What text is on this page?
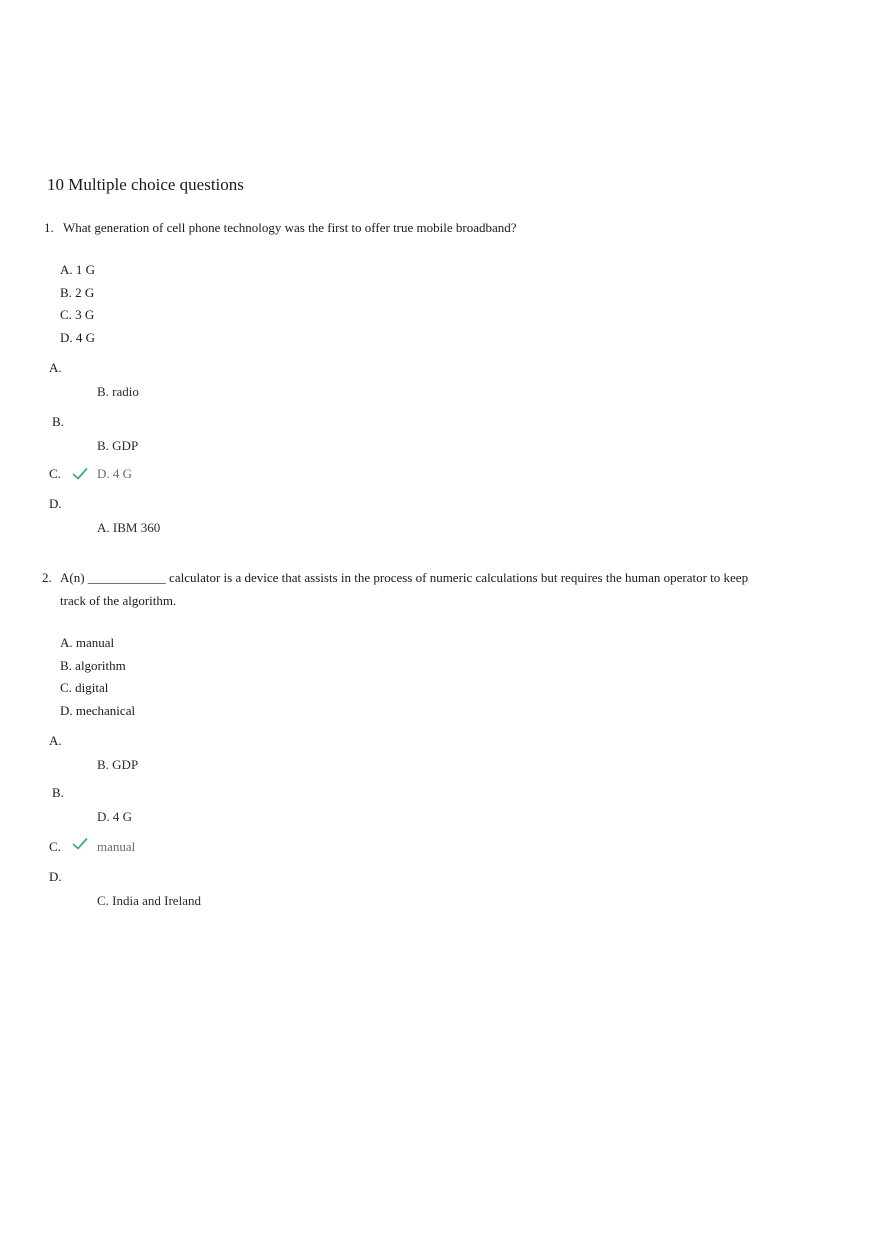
10 Multiple choice questions
1. What generation of cell phone technology was the first to offer true mobile broadband?
A. 1 G
B. 2 G
C. 3 G
D. 4 G
A.
B. radio
B.
B. GDP
C.	D. 4 G
D.
A. IBM 360
2. A(n) ____________ calculator is a device that assists in the process of numeric calculations but requires the human operator to keep track of the algorithm.
A. manual
B. algorithm
C. digital
D. mechanical
A.
B. GDP
B.
D. 4 G
C.	manual
D.
C. India and Ireland
